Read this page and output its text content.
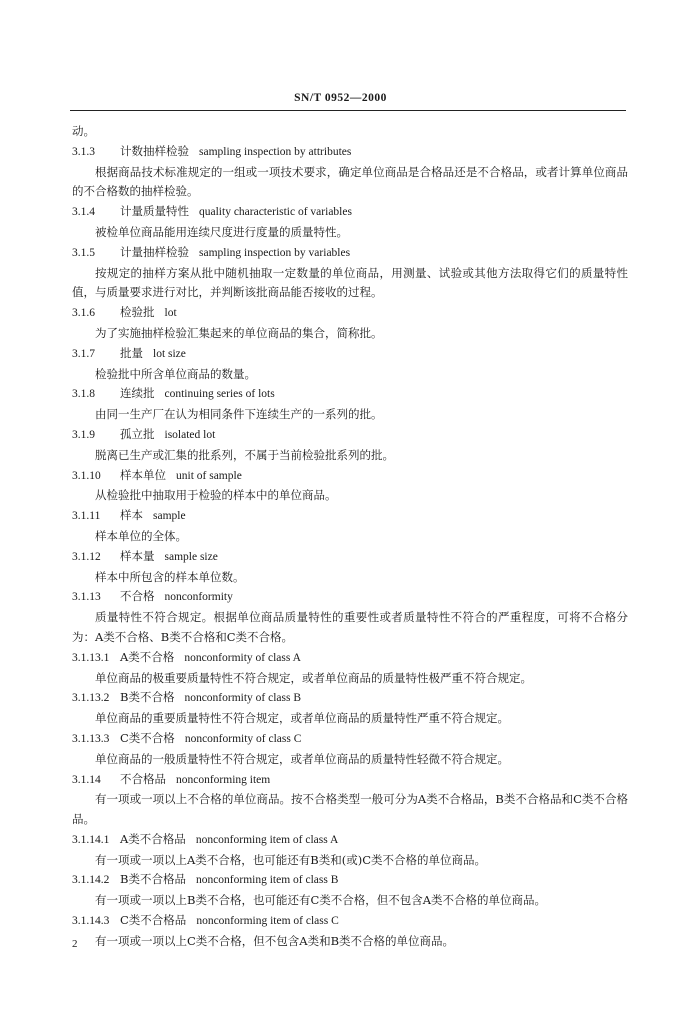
SN/T 0952—2000
动。
3.1.3 计数抽样检验 sampling inspection by attributes
根据商品技术标准规定的一组或一项技术要求，确定单位商品是合格品还是不合格品，或者计算单位商品的不合格数的抽样检验。
3.1.4 计量质量特性 quality characteristic of variables
被检单位商品能用连续尺度进行度量的质量特性。
3.1.5 计量抽样检验 sampling inspection by variables
按规定的抽样方案从批中随机抽取一定数量的单位商品，用测量、试验或其他方法取得它们的质量特性值，与质量要求进行对比，并判断该批商品能否接收的过程。
3.1.6 检验批 lot
为了实施抽样检验汇集起来的单位商品的集合，简称批。
3.1.7 批量 lot size
检验批中所含单位商品的数量。
3.1.8 连续批 continuing series of lots
由同一生产厂在认为相同条件下连续生产的一系列的批。
3.1.9 孤立批 isolated lot
脱离已生产或汇集的批系列，不属于当前检验批系列的批。
3.1.10 样本单位 unit of sample
从检验批中抽取用于检验的样本中的单位商品。
3.1.11 样本 sample
样本单位的全体。
3.1.12 样本量 sample size
样本中所包含的样本单位数。
3.1.13 不合格 nonconformity
质量特性不符合规定。根据单位商品质量特性的重要性或者质量特性不符合的严重程度，可将不合格分为：A类不合格、B类不合格和C类不合格。
3.1.13.1 A类不合格 nonconformity of class A
单位商品的极重要质量特性不符合规定，或者单位商品的质量特性极严重不符合规定。
3.1.13.2 B类不合格 nonconformity of class B
单位商品的重要质量特性不符合规定，或者单位商品的质量特性严重不符合规定。
3.1.13.3 C类不合格 nonconformity of class C
单位商品的一般质量特性不符合规定，或者单位商品的质量特性轻微不符合规定。
3.1.14 不合格品 nonconforming item
有一项或一项以上不合格的单位商品。按不合格类型一般可分为A类不合格品，B类不合格品和C类不合格品。
3.1.14.1 A类不合格品 nonconforming item of class A
有一项或一项以上A类不合格，也可能还有B类和(或)C类不合格的单位商品。
3.1.14.2 B类不合格品 nonconforming item of class B
有一项或一项以上B类不合格，也可能还有C类不合格，但不包含A类不合格的单位商品。
3.1.14.3 C类不合格品 nonconforming item of class C
有一项或一项以上C类不合格，但不包含A类和B类不合格的单位商品。
2
